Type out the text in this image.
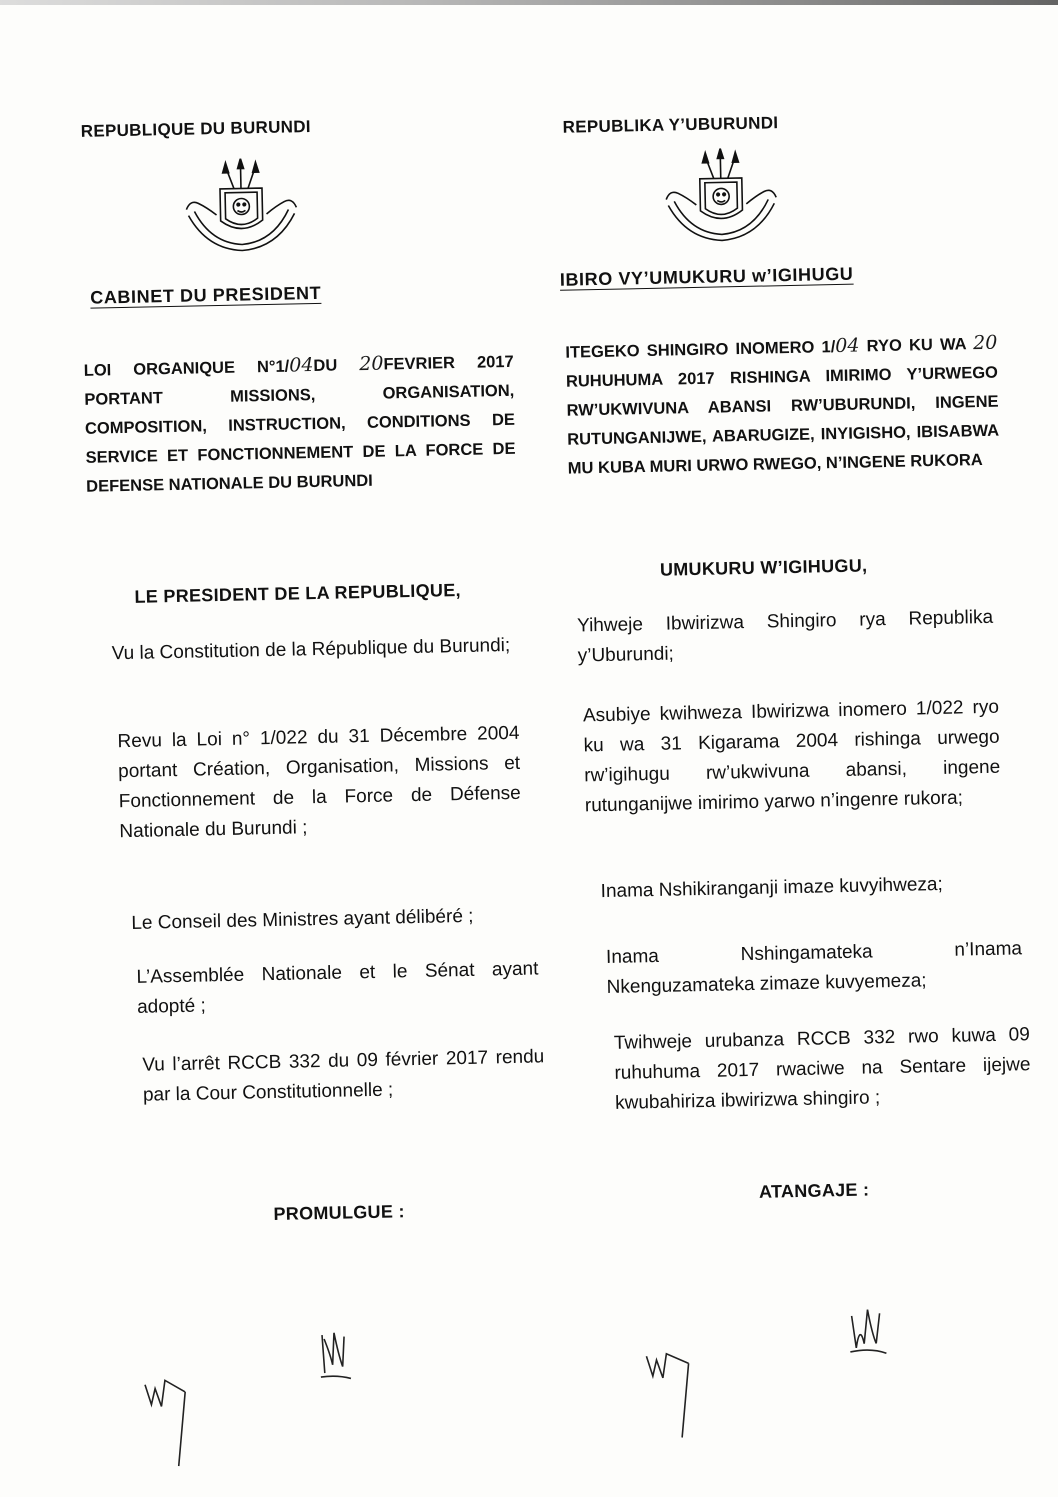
REPUBLIQUE DU BURUNDI
CABINET DU PRESIDENT
LOI ORGANIQUE N°1/04DU 20FEVRIER 2017 PORTANT MISSIONS, ORGANISATION, COMPOSITION, INSTRUCTION, CONDITIONS DE SERVICE ET FONCTIONNEMENT DE LA FORCE DE DEFENSE NATIONALE DU BURUNDI
LE PRESIDENT DE LA REPUBLIQUE,
Vu la Constitution de la République du Burundi;
Revu la Loi n° 1/022 du 31 Décembre 2004 portant Création, Organisation, Missions et Fonctionnement de la Force de Défense Nationale du Burundi ;
Le Conseil des Ministres ayant délibéré ;
L’Assemblée Nationale et le Sénat ayant adopté ;
Vu l’arrêt RCCB 332 du 09 février 2017 rendu par la Cour Constitutionnelle ;
PROMULGUE :
REPUBLIKA Y’UBURUNDI
IBIRO VY’UMUKURU w’IGIHUGU
ITEGEKO SHINGIRO INOMERO 1/04 RYO KU WA 20 RUHUHUMA 2017 RISHINGA IMIRIMO Y’URWEGO RW’UKWIVUNA ABANSI RW’UBURUNDI, INGENE RUTUNGANIJWE, ABARUGIZE, INYIGISHO, IBISABWA MU KUBA MURI URWO RWEGO, N’INGENE RUKORA
UMUKURU W’IGIHUGU,
Yihweje Ibwirizwa Shingiro rya Republika y’Uburundi;
Asubiye kwihweza Ibwirizwa inomero 1/022 ryo ku wa 31 Kigarama 2004 rishinga urwego rw’igihugu rw’ukwivuna abansi, ingene rutunganijwe imirimo yarwo n’ingenre rukora;
Inama Nshikiranganji imaze kuvyihweza;
Inama Nshingamateka n’Inama Nkenguzamateka zimaze kuvyemeza;
Twihweje urubanza RCCB 332 rwo kuwa 09 ruhuhuma 2017 rwaciwe na Sentare ijejwe kwubahiriza ibwirizwa shingiro ;
ATANGAJE :
